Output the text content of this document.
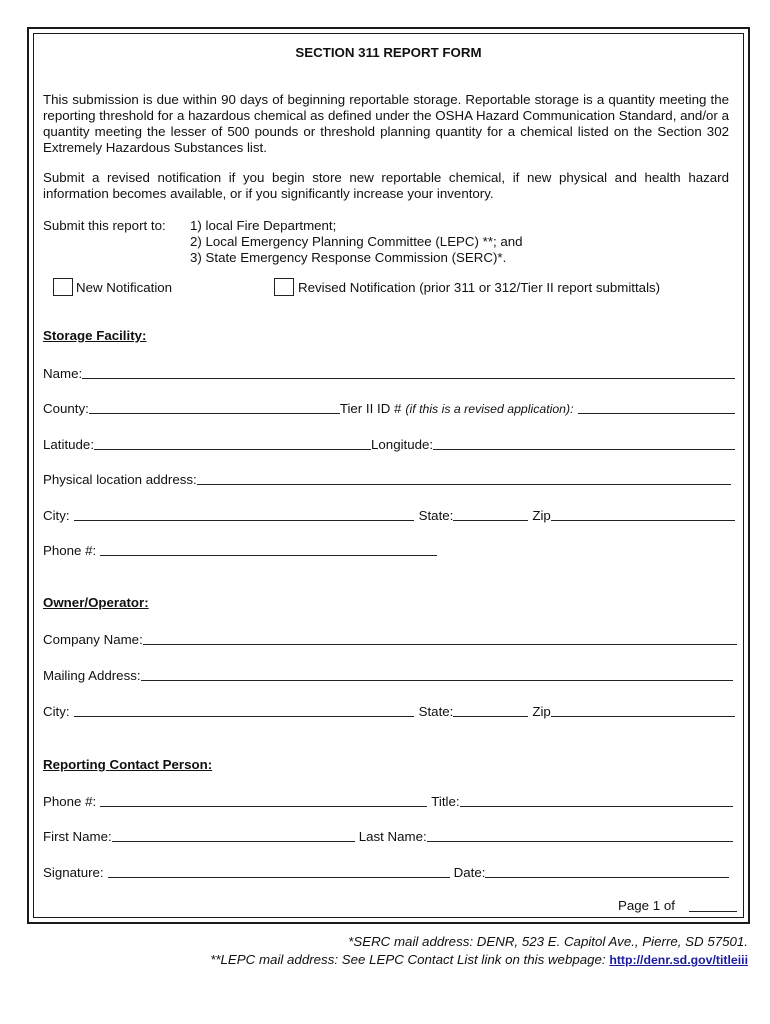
SECTION 311 REPORT FORM
This submission is due within 90 days of beginning reportable storage. Reportable storage is a quantity meeting the reporting threshold for a hazardous chemical as defined under the OSHA Hazard Communication Standard, and/or a quantity meeting the lesser of 500 pounds or threshold planning quantity for a chemical listed on the Section 302 Extremely Hazardous Substances list.
Submit a revised notification if you begin store new reportable chemical, if new physical and health hazard information becomes available, or if you significantly increase your inventory.
Submit this report to: 1) local Fire Department;
2) Local Emergency Planning Committee (LEPC) **; and
3) State Emergency Response Commission (SERC)*.
New Notification	Revised Notification (prior 311 or 312/Tier II report submittals)
Storage Facility:
Name:
County:	Tier II ID # (if this is a revised application):
Latitude:	Longitude:
Physical location address:
City:	State:	Zip
Phone #:
Owner/Operator:
Company Name:
Mailing Address:
City:	State:	Zip
Reporting Contact Person:
Phone #:	Title:
First Name:	Last Name:
Signature:	Date:
Page 1 of
*SERC mail address: DENR, 523 E. Capitol Ave., Pierre, SD 57501.
**LEPC mail address: See LEPC Contact List link on this webpage: http://denr.sd.gov/titleiii
